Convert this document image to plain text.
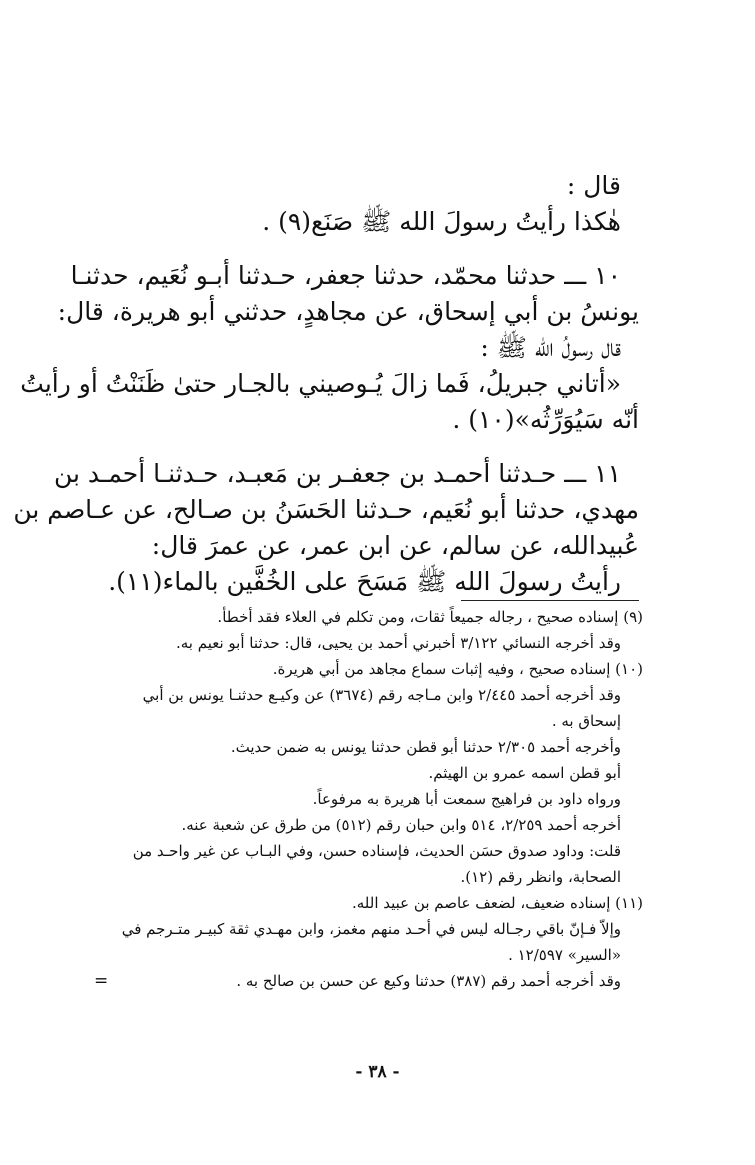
قال :
هٰكذا رأيتُ رسولَ الله ﷺ صَنَع(٩) .
١٠ ـــ حدثنا محمّد، حدثنا جعفر، حـدثنا أبـو نُعَيم، حدثنـا
يونسُ بن أبي إسحاق، عن مجاهدٍ، حدثني أبو هريرة، قال:
قال رسولُ الله ﷺ :
«أتاني جبريلُ، فَما زالَ يُـوصيني بالجـار حتىٰ ظَنَنْتُ أو رأيتُ
أنّه سَيُوَرِّثُه»(١٠) .
١١ ـــ حـدثنا أحمـد بن جعفـر بن مَعبـد، حـدثنـا أحمـد بن
مهدي، حدثنا أبو نُعَيم، حـدثنا الحَسَنُ بن صـالح، عن عـاصم بن
عُبيدالله، عن سالم، عن ابن عمر، عن عمرَ قال:
رأيتُ رسولَ الله ﷺ مَسَحَ على الخُفَّين بالماء(١١).
(٩) إسناده صحيح ، رجاله جميعاً ثقات، ومن تكلم في العلاء فقد أخطأ.
وقد أخرجه النسائي ٣/١٢٢ أخبرني أحمد بن يحيى، قال: حدثنا أبو نعيم به.
(١٠) إسناده صحيح ، وفيه إثبات سماع مجاهد من أبي هريرة.
وقد أخرجه أحمد ٢/٤٤٥ وابن مـاجه رقم (٣٦٧٤) عن وكيـع حدثنـا يونس بن أبي
إسحاق به .
وأخرجه أحمد ٢/٣٠٥ حدثنا أبو قطن حدثنا يونس به ضمن حديث.
أبو قطن اسمه عمرو بن الهيثم.
ورواه داود بن فراهيج سمعت أبا هريرة به مرفوعاً.
أخرجه أحمد ٢/٢٥٩، ٥١٤ وابن حبان رقم (٥١٢) من طرق عن شعبة عنه.
قلت: وداود صدوق حسَن الحديث، فإسناده حسن، وفي البـاب عن غير واحـد من
الصحابة، وانظر رقم (١٢).
(١١) إسناده ضعيف، لضعف عاصم بن عبيد الله.
وإلاّ فـإنّ باقي رجـاله ليس في أحـد منهم مغمز، وابن مهـدي ثقة كبيـر متـرجم في
«السير» ١٢/٥٩٧ .
وقد أخرجه أحمد رقم (٣٨٧) حدثنا وكيع عن حسن بن صالح به .
=
- ٣٨ -
